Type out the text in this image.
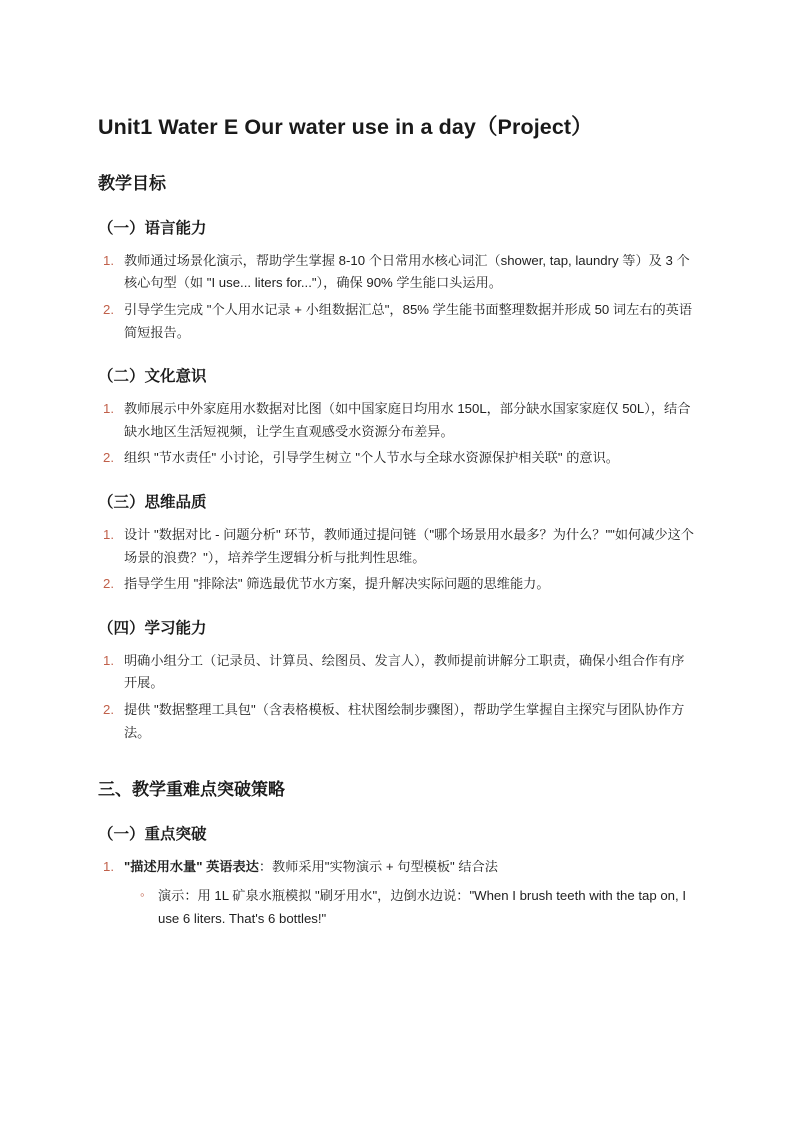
Unit1 Water E Our water use in a day（Project）
教学目标
（一）语言能力
教师通过场景化演示，帮助学生掌握 8-10 个日常用水核心词汇（shower, tap, laundry 等）及 3 个核心句型（如 "I use... liters for..."），确保 90% 学生能口头运用。
引导学生完成 "个人用水记录 + 小组数据汇总"，85% 学生能书面整理数据并形成 50 词左右的英语简短报告。
（二）文化意识
教师展示中外家庭用水数据对比图（如中国家庭日均用水 150L，部分缺水国家家庭仅 50L），结合缺水地区生活短视频，让学生直观感受水资源分布差异。
组织 "节水责任" 小讨论，引导学生树立 "个人节水与全球水资源保护相关联" 的意识。
（三）思维品质
设计 "数据对比 - 问题分析" 环节，教师通过提问链（"哪个场景用水最多？为什么？""如何减少这个场景的浪费？"），培养学生逻辑分析与批判性思维。
指导学生用 "排除法" 筛选最优节水方案，提升解决实际问题的思维能力。
（四）学习能力
明确小组分工（记录员、计算员、绘图员、发言人），教师提前讲解分工职责，确保小组合作有序开展。
提供 "数据整理工具包"（含表格模板、柱状图绘制步骤图），帮助学生掌握自主探究与团队协作方法。
三、教学重难点突破策略
（一）重点突破
"描述用水量" 英语表达：教师采用"实物演示 + 句型模板" 结合法
◦ 演示：用 1L 矿泉水瓶模拟 "刷牙用水"，边倒水边说："When I brush teeth with the tap on, I use 6 liters. That's 6 bottles!"
